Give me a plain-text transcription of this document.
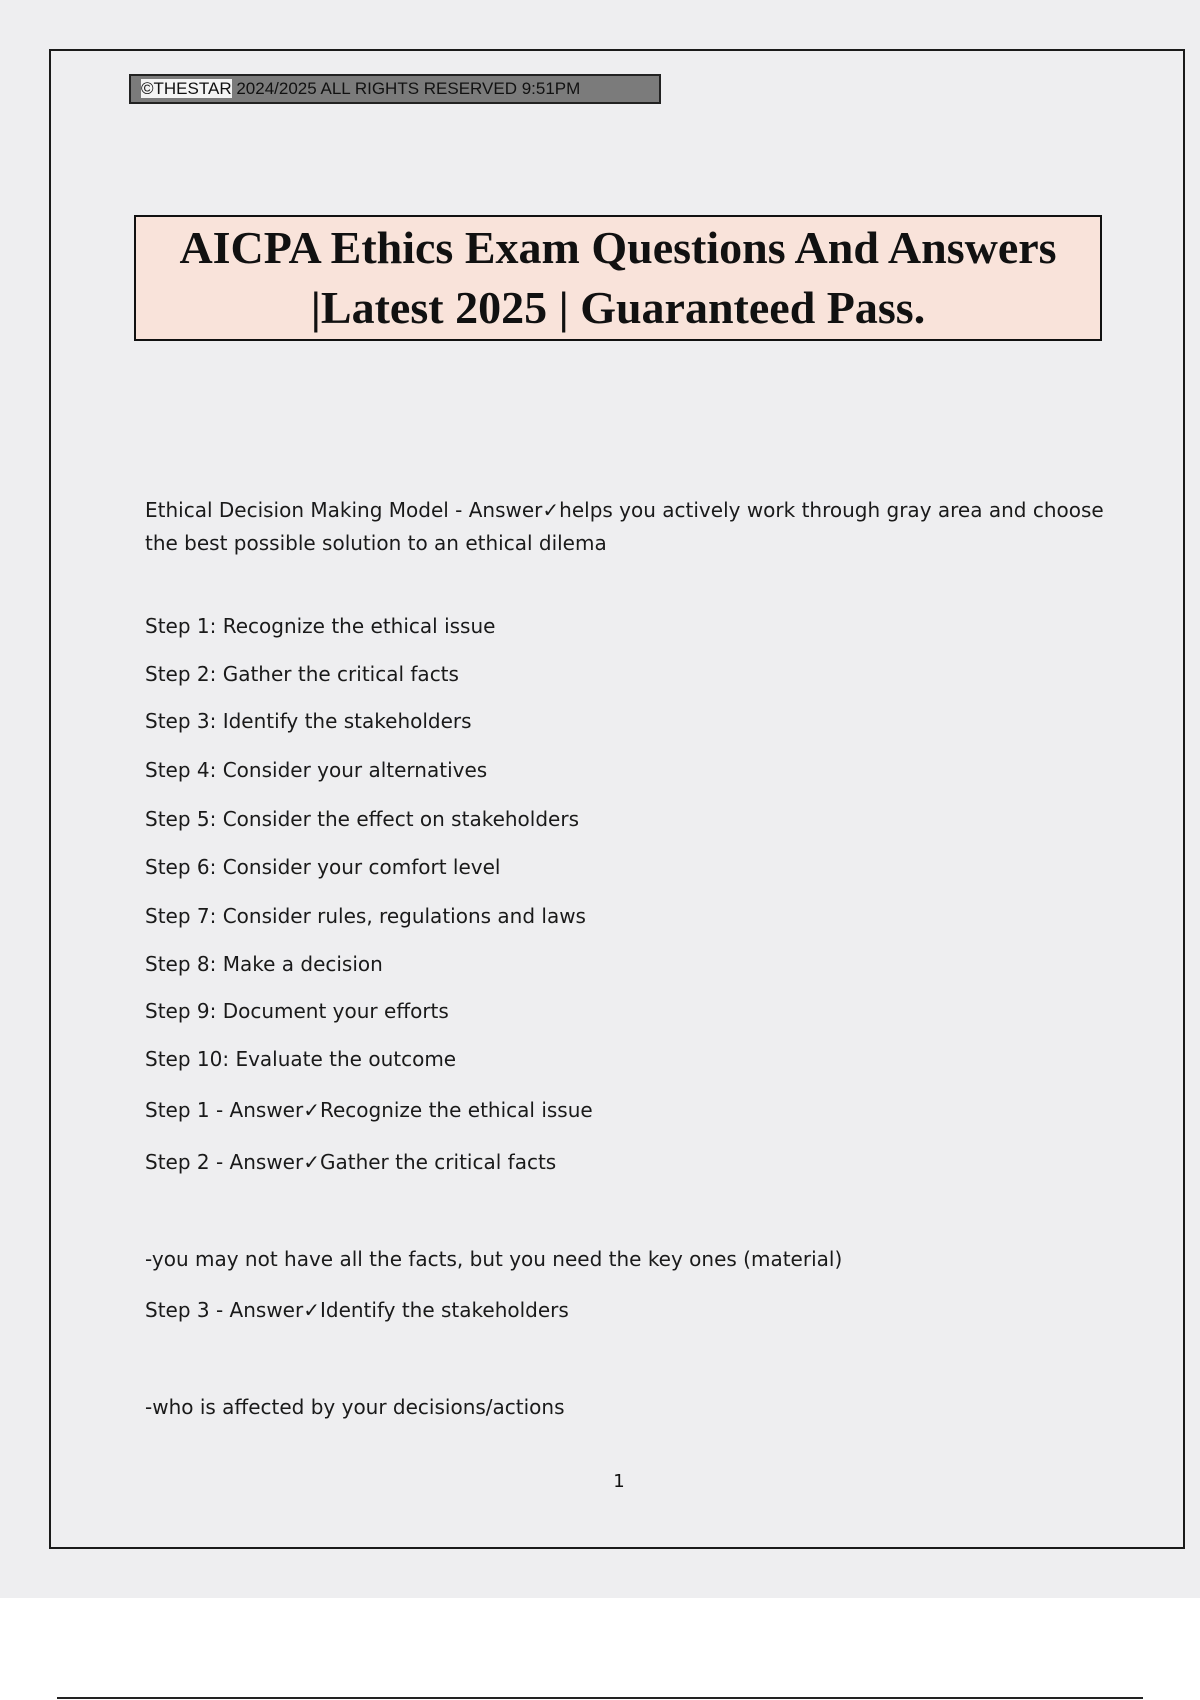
©THESTAR 2024/2025 ALL RIGHTS RESERVED 9:51PM
AICPA Ethics Exam Questions And Answers
|Latest 2025 | Guaranteed Pass.

Ethical Decision Making Model - Answer✓helps you actively work through gray area and choose the best possible solution to an ethical dilema

Step 1: Recognize the ethical issue

Step 2: Gather the critical facts

Step 3: Identify the stakeholders

Step 4: Consider your alternatives

Step 5: Consider the effect on stakeholders

Step 6: Consider your comfort level

Step 7: Consider rules, regulations and laws

Step 8: Make a decision

Step 9: Document your efforts

Step 10: Evaluate the outcome

Step 1 - Answer✓Recognize the ethical issue

Step 2 - Answer✓Gather the critical facts

-you may not have all the facts, but you need the key ones (material)

Step 3 - Answer✓Identify the stakeholders

-who is affected by your decisions/actions

1
